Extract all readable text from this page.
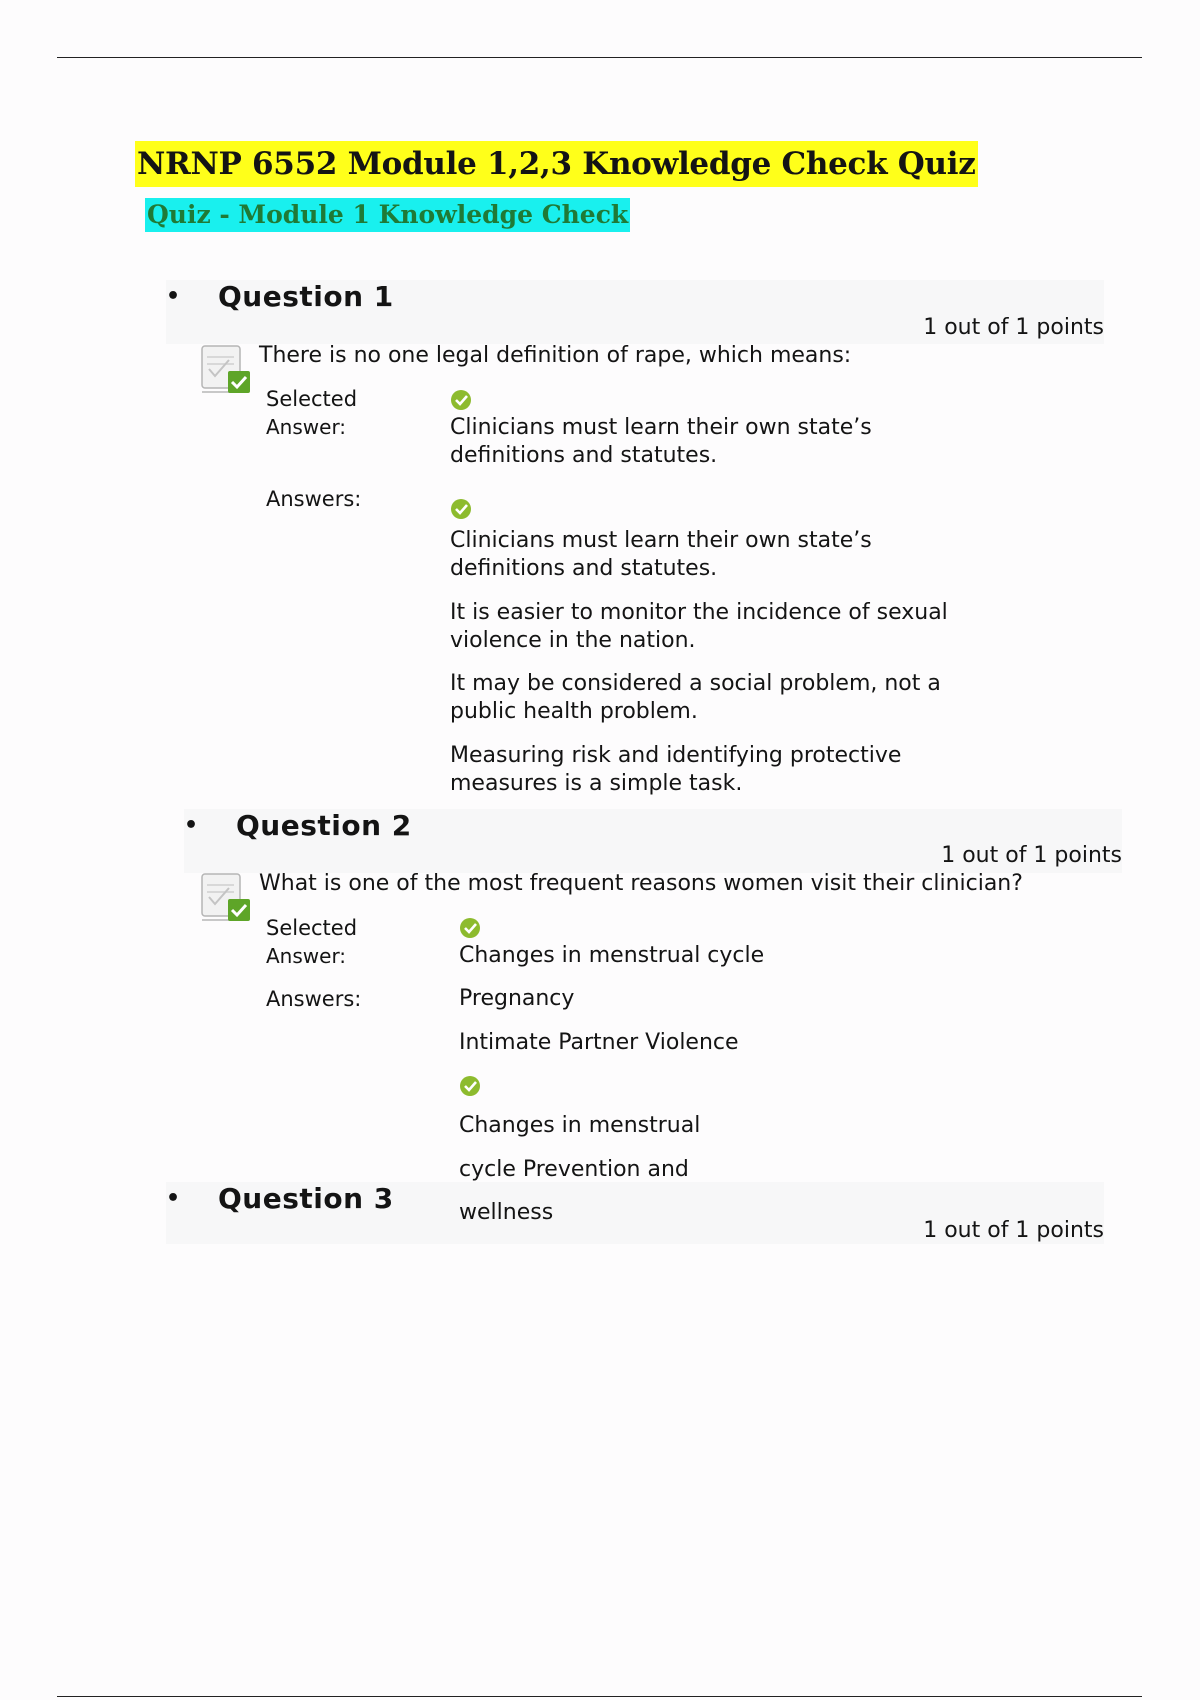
NRNP 6552 Module 1,2,3 Knowledge Check Quiz
Quiz - Module 1 Knowledge Check
• Question 1
1 out of 1 points
There is no one legal definition of rape, which means:
Selected
Answer:	Clinicians must learn their own state’s
definitions and statutes.
Answers:
Clinicians must learn their own state’s
definitions and statutes.
It is easier to monitor the incidence of sexual
violence in the nation.
It may be considered a social problem, not a
public health problem.
Measuring risk and identifying protective
measures is a simple task.
• Question 2
1 out of 1 points
What is one of the most frequent reasons women visit their clinician?
Selected
Answer:	Changes in menstrual cycle
Answers:	Pregnancy
Intimate Partner Violence
Changes in menstrual
• Question 3
1 out of 1 points
cycle Prevention and
wellness
